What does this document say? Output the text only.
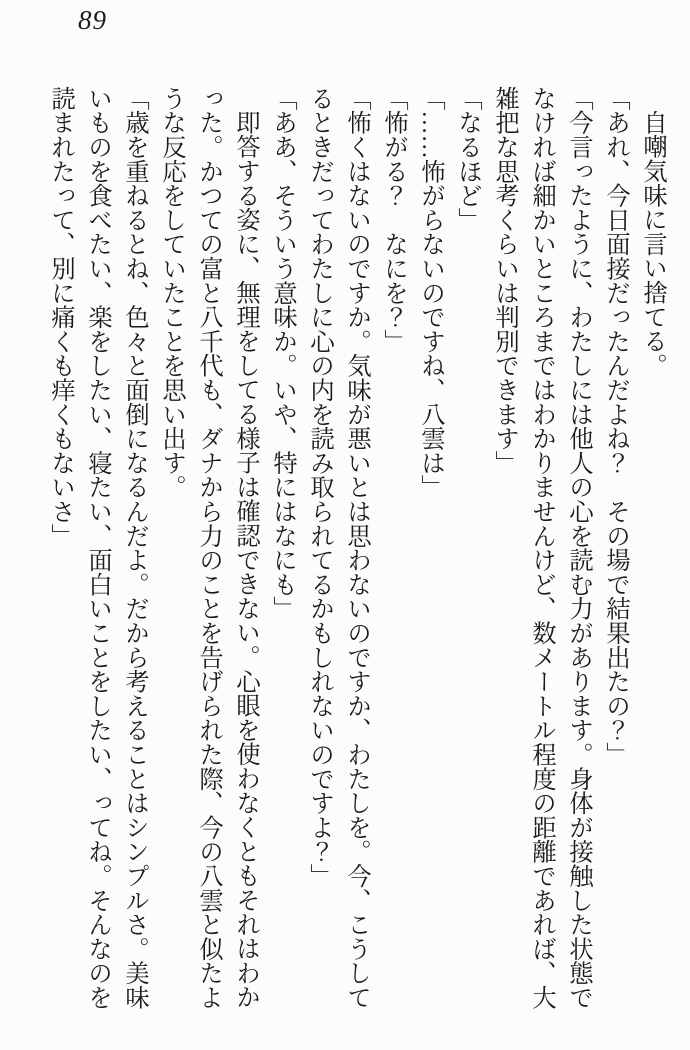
89

自嘲気味に言い捨てる。

「あれ、今日面接だったんだよね？　その場で結果出たの？」

「今言ったように、わたしには他人の心を読む力があります。身体が接触した状態で

なければ細かいところまではわかりませんけど、数メートル程度の距離であれば、大

雑把な思考くらいは判別できます」

「なるほど」

「……怖がらないのですね、八雲は」

「怖がる？　なにを？」

「怖くはないのですか。気味が悪いとは思わないのですか、わたしを。今、こうして

るときだってわたしに心の内を読み取られてるかもしれないのですよ？」

「ああ、そういう意味か。いや、特にはなにも」

即答する姿に、無理をしてる様子は確認できない。心眼を使わなくともそれはわか

った。かつての富と八千代も、ダナから力のことを告げられた際、今の八雲と似たよ

うな反応をしていたことを思い出す。

「歳を重ねるとね、色々と面倒になるんだよ。だから考えることはシンプルさ。美味

いものを食べたい、楽をしたい、寝たい、面白いことをしたい、ってね。そんなのを

読まれたって、別に痛くも痒くもないさ」
